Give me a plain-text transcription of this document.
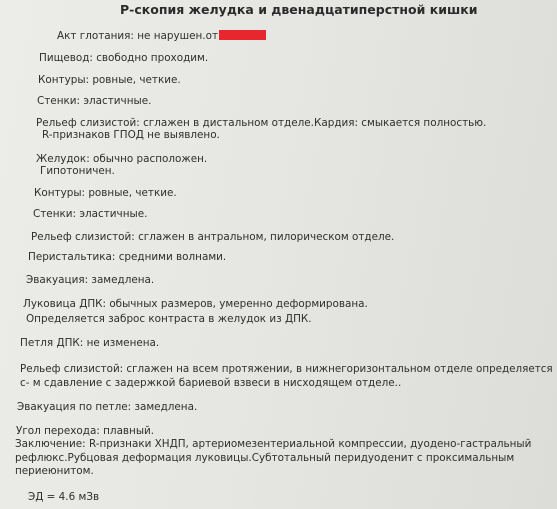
Р-скопия желудка и двенадцатиперстной кишки
Акт глотания: не нарушен.от
Пищевод: свободно проходим.
Контуры: ровные, четкие.
Стенки: эластичные.
Рельеф слизистой: сглажен в дистальном отделе.Кардия: смыкается полностью.
R-признаков ГПОД не выявлено.
Желудок: обычно расположен.
Гипотоничен.
Контуры: ровные, четкие.
Стенки: эластичные.
Рельеф слизистой: сглажен в антральном, пилорическом отделе.
Перистальтика: средними волнами.
Эвакуация: замедлена.
Луковица ДПК: обычных размеров, умеренно деформирована.
Определяется заброс контраста в желудок из ДПК.
Петля ДПК: не изменена.
Рельеф слизистой: сглажен на всем протяжении, в нижнегоризонтальном отделе определяется
с- м сдавление с задержкой бариевой взвеси в нисходящем отделе..
Эвакуация по петле: замедлена.
Угол перехода: плавный.
Заключение: R-признаки ХНДП, артериомезентериальной компрессии, дуодено-гастральный
рефлюкс.Рубцовая деформация луковицы.Субтотальный перидуоденит с проксимальным
периеюнитом.
ЭД = 4.6 мЗв
